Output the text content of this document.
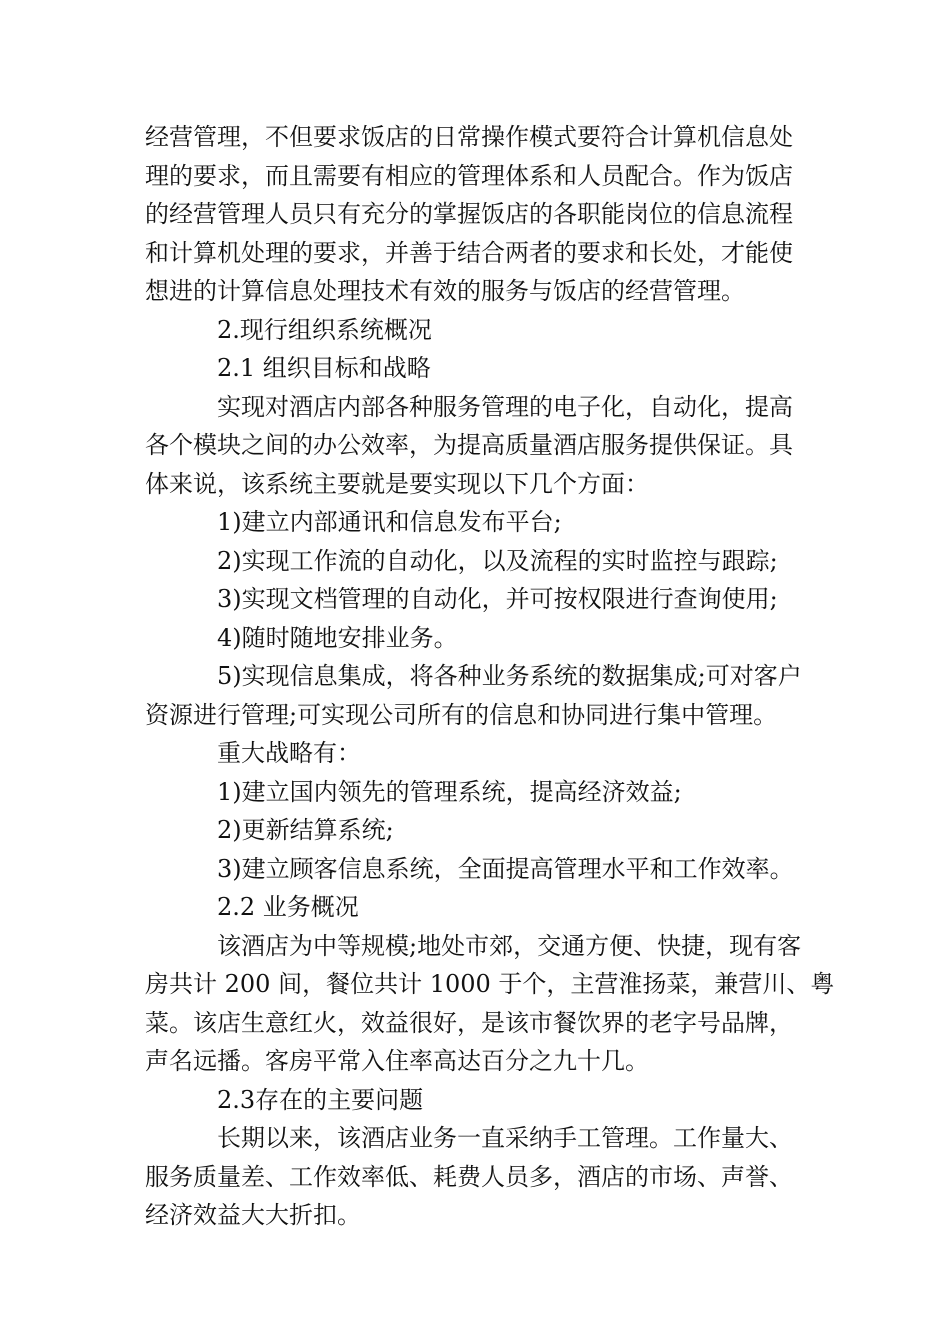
经营管理，不但要求饭店的日常操作模式要符合计算机信息处
理的要求，而且需要有相应的管理体系和人员配合。作为饭店
的经营管理人员只有充分的掌握饭店的各职能岗位的信息流程
和计算机处理的要求，并善于结合两者的要求和长处，才能使
想进的计算信息处理技术有效的服务与饭店的经营管理。
2.现行组织系统概况
2.1 组织目标和战略
实现对酒店内部各种服务管理的电子化，自动化，提高
各个模块之间的办公效率，为提高质量酒店服务提供保证。具
体来说，该系统主要就是要实现以下几个方面：
1)建立内部通讯和信息发布平台;
2)实现工作流的自动化，以及流程的实时监控与跟踪;
3)实现文档管理的自动化，并可按权限进行查询使用;
4)随时随地安排业务。
5)实现信息集成，将各种业务系统的数据集成;可对客户
资源进行管理;可实现公司所有的信息和协同进行集中管理。
重大战略有：
1)建立国内领先的管理系统，提高经济效益;
2)更新结算系统;
3)建立顾客信息系统，全面提高管理水平和工作效率。
2.2 业务概况
该酒店为中等规模;地处市郊，交通方便、快捷，现有客
房共计 200 间，餐位共计 1000 于个，主营淮扬菜，兼营川、粤
菜。该店生意红火，效益很好，是该市餐饮界的老字号品牌，
声名远播。客房平常入住率高达百分之九十几。
2.3存在的主要问题
长期以来，该酒店业务一直采纳手工管理。工作量大、
服务质量差、工作效率低、耗费人员多，酒店的市场、声誉、
经济效益大大折扣。
